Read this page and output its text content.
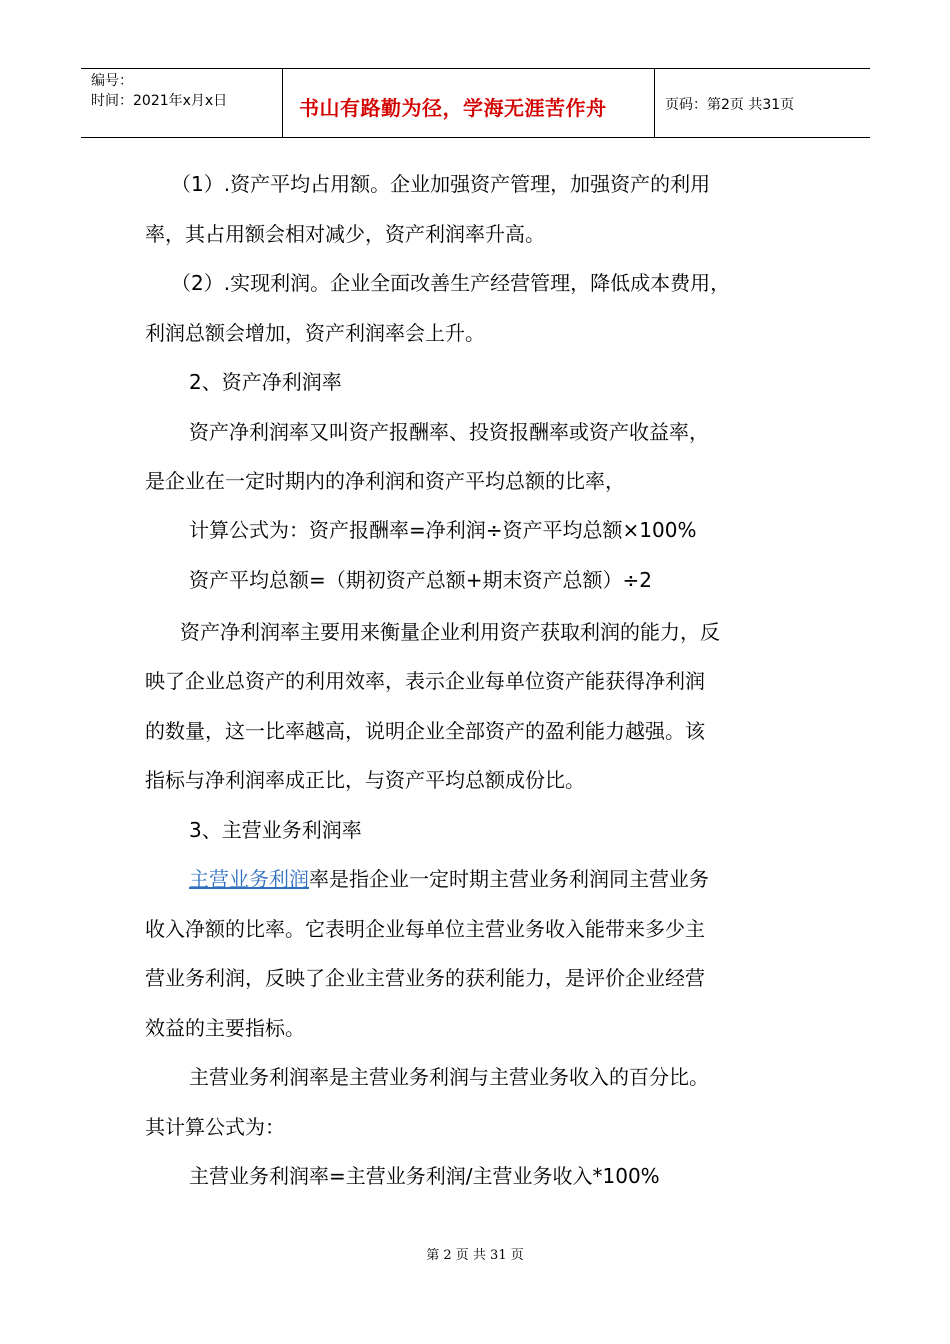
编号：
时间：2021年x月x日	书山有路勤为径，学海无涯苦作舟	页码：第2页 共31页
（1）.资产平均占用额。企业加强资产管理，加强资产的利用
率，其占用额会相对减少，资产利润率升高。
（2）.实现利润。企业全面改善生产经营管理，降低成本费用，
利润总额会增加，资产利润率会上升。
2、资产净利润率
资产净利润率又叫资产报酬率、投资报酬率或资产收益率，
是企业在一定时期内的净利润和资产平均总额的比率，
计算公式为：资产报酬率=净利润÷资产平均总额×100%
资产平均总额=（期初资产总额+期末资产总额）÷2
资产净利润率主要用来衡量企业利用资产获取利润的能力，反
映了企业总资产的利用效率，表示企业每单位资产能获得净利润
的数量，这一比率越高，说明企业全部资产的盈利能力越强。该
指标与净利润率成正比，与资产平均总额成份比。
3、主营业务利润率
主营业务利润率是指企业一定时期主营业务利润同主营业务
收入净额的比率。它表明企业每单位主营业务收入能带来多少主
营业务利润，反映了企业主营业务的获利能力，是评价企业经营
效益的主要指标。
主营业务利润率是主营业务利润与主营业务收入的百分比。
其计算公式为：
主营业务利润率=主营业务利润/主营业务收入*100%
第 2 页 共 31 页
